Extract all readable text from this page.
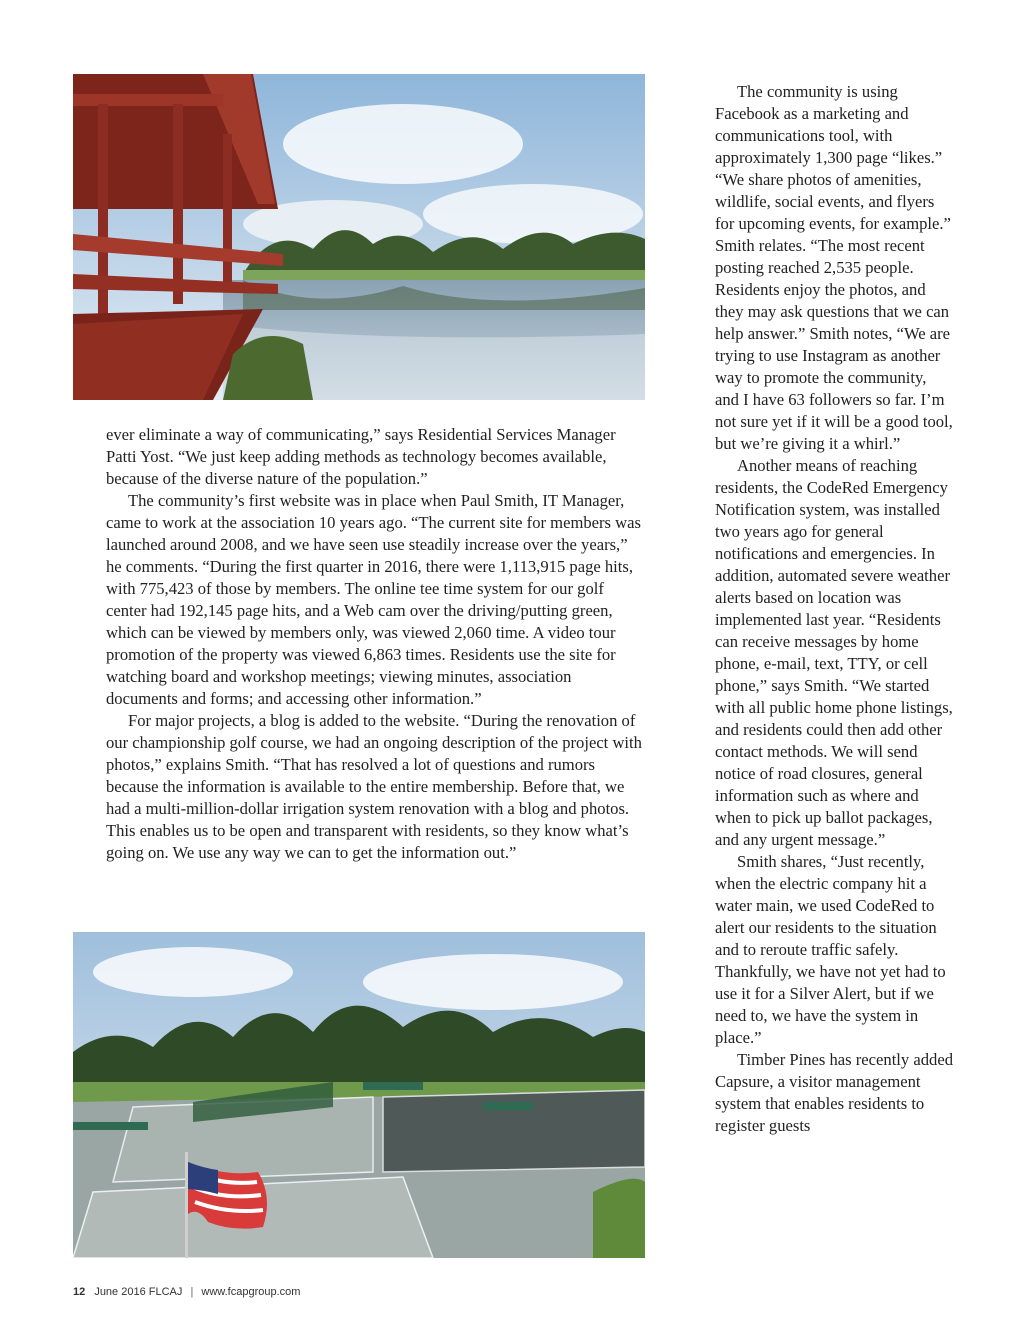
ever eliminate a way of communicating,” says Residential Services Manager Patti Yost. “We just keep adding methods as technology becomes available, because of the diverse nature of the population.”

The community’s first website was in place when Paul Smith, IT Manager, came to work at the association 10 years ago. “The current site for members was launched around 2008, and we have seen use steadily increase over the years,” he comments. “During the first quarter in 2016, there were 1,113,915 page hits, with 775,423 of those by members. The online tee time system for our golf center had 192,145 page hits, and a Web cam over the driving/putting green, which can be viewed by members only, was viewed 2,060 time. A video tour promotion of the property was viewed 6,863 times. Residents use the site for watching board and workshop meetings; viewing minutes, association documents and forms; and accessing other information.”

For major projects, a blog is added to the website. “During the renovation of our championship golf course, we had an ongoing description of the project with photos,” explains Smith. “That has resolved a lot of questions and rumors because the information is available to the entire membership. Before that, we had a multi-million-dollar irrigation system renovation with a blog and photos. This enables us to be open and transparent with residents, so they know what’s going on. We use any way we can to get the information out.”

The community is using Facebook as a marketing and communications tool, with approximately 1,300 page “likes.” “We share photos of amenities, wildlife, social events, and flyers for upcoming events, for example.” Smith relates. “The most recent posting reached 2,535 people. Residents enjoy the photos, and they may ask questions that we can help answer.” Smith notes, “We are trying to use Instagram as another way to promote the community, and I have 63 followers so far. I’m not sure yet if it will be a good tool, but we’re giving it a whirl.”

Another means of reaching residents, the CodeRed Emergency Notification system, was installed two years ago for general notifications and emergencies. In addition, automated severe weather alerts based on location was implemented last year. “Residents can receive messages by home phone, e-mail, text, TTY, or cell phone,” says Smith. “We started with all public home phone listings, and residents could then add other contact methods. We will send notice of road closures, general information such as where and when to pick up ballot packages, and any urgent message.”

Smith shares, “Just recently, when the electric company hit a water main, we used CodeRed to alert our residents to the situation and to reroute traffic safely. Thankfully, we have not yet had to use it for a Silver Alert, but if we need to, we have the system in place.”

Timber Pines has recently added Capsure, a visitor management system that enables residents to register guests

12 June 2016 FLCAJ | www.fcapgroup.com
